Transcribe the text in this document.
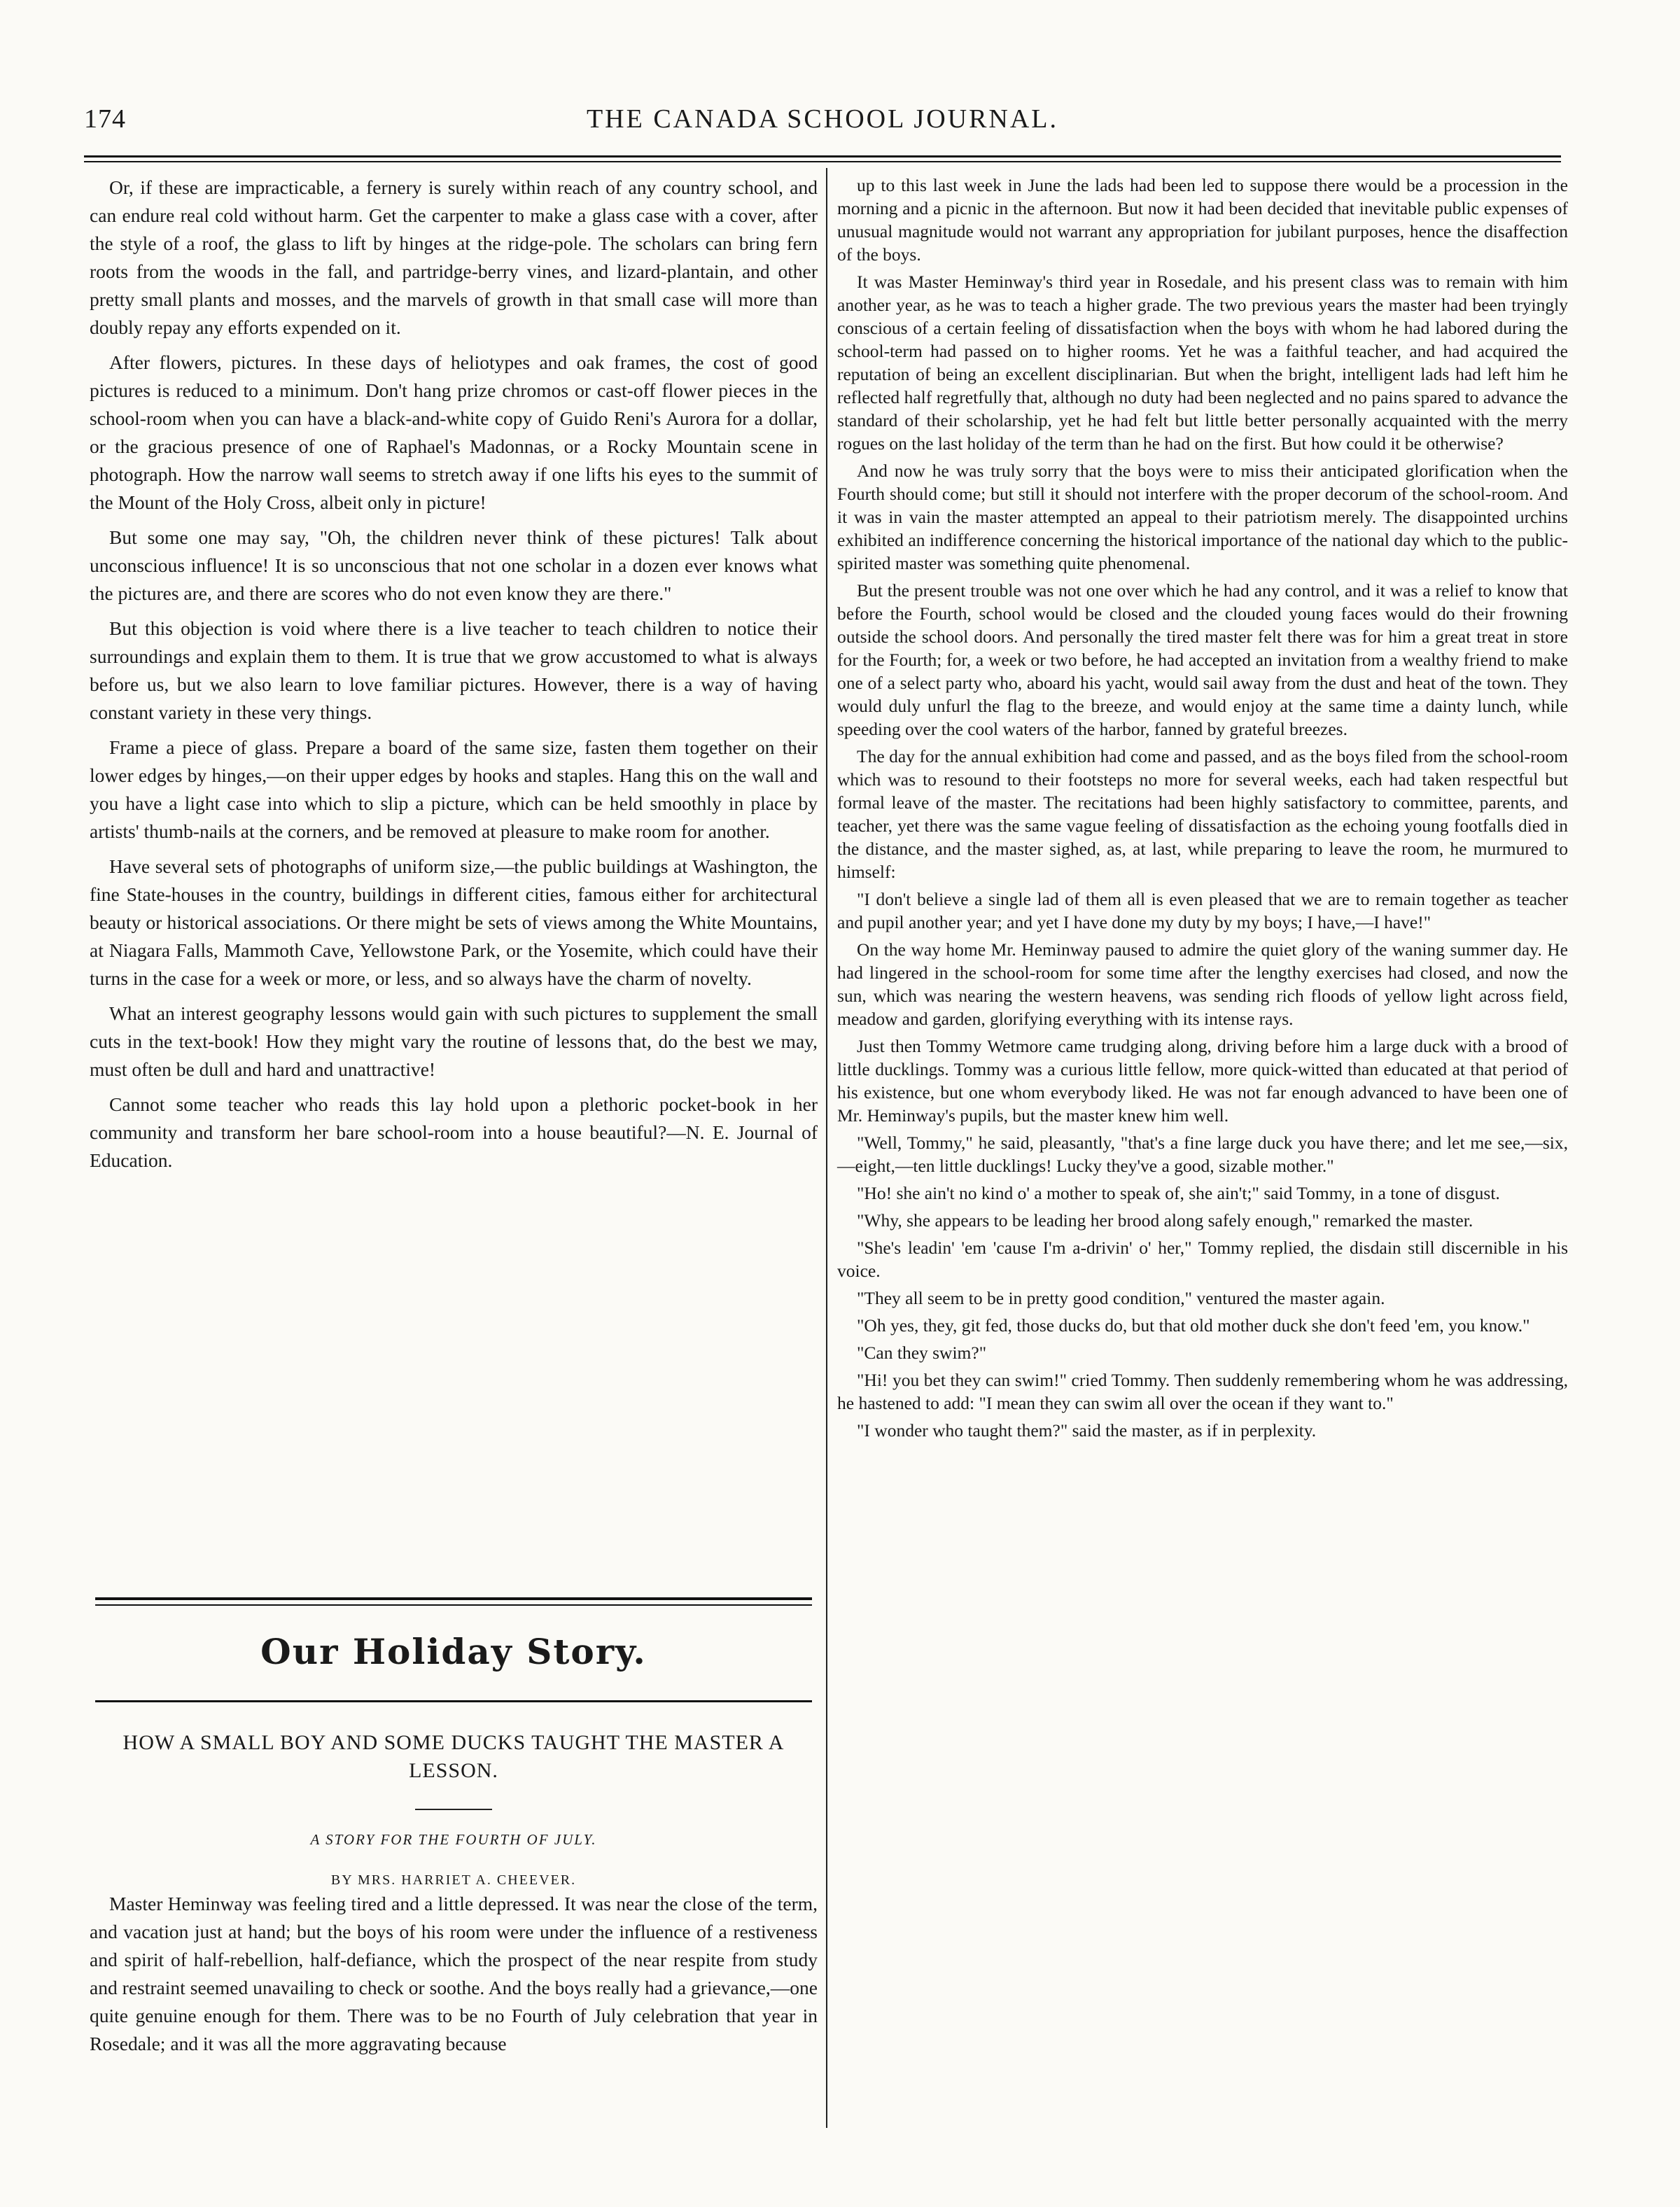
174	THE CANADA SCHOOL JOURNAL.

Or, if these are impracticable, a fernery is surely within reach of any country school, and can endure real cold without harm. Get the carpenter to make a glass case with a cover, after the style of a roof, the glass to lift by hinges at the ridge-pole. The scholars can bring fern roots from the woods in the fall, and partridge-berry vines, and lizard-plantain, and other pretty small plants and mosses, and the marvels of growth in that small case will more than doubly repay any efforts expended on it.

After flowers, pictures. In these days of heliotypes and oak frames, the cost of good pictures is reduced to a minimum. Don't hang prize chromos or cast-off flower pieces in the school-room when you can have a black-and-white copy of Guido Reni's Aurora for a dollar, or the gracious presence of one of Raphael's Madonnas, or a Rocky Mountain scene in photograph. How the narrow wall seems to stretch away if one lifts his eyes to the summit of the Mount of the Holy Cross, albeit only in picture!

But some one may say, "Oh, the children never think of these pictures! Talk about unconscious influence! It is so unconscious that not one scholar in a dozen ever knows what the pictures are, and there are scores who do not even know they are there."

But this objection is void where there is a live teacher to teach children to notice their surroundings and explain them to them. It is true that we grow accustomed to what is always before us, but we also learn to love familiar pictures. However, there is a way of having constant variety in these very things.

Frame a piece of glass. Prepare a board of the same size, fasten them together on their lower edges by hinges,—on their upper edges by hooks and staples. Hang this on the wall and you have a light case into which to slip a picture, which can be held smoothly in place by artists' thumb-nails at the corners, and be removed at pleasure to make room for another.

Have several sets of photographs of uniform size,—the public buildings at Washington, the fine State-houses in the country, buildings in different cities, famous either for architectural beauty or historical associations. Or there might be sets of views among the White Mountains, at Niagara Falls, Mammoth Cave, Yellowstone Park, or the Yosemite, which could have their turns in the case for a week or more, or less, and so always have the charm of novelty.

What an interest geography lessons would gain with such pictures to supplement the small cuts in the text-book! How they might vary the routine of lessons that, do the best we may, must often be dull and hard and unattractive!

Cannot some teacher who reads this lay hold upon a plethoric pocket-book in her community and transform her bare school-room into a house beautiful?—N. E. Journal of Education.

Our Holiday Story.
HOW A SMALL BOY AND SOME DUCKS TAUGHT THE MASTER A LESSON.
A STORY FOR THE FOURTH OF JULY.
BY MRS. HARRIET A. CHEEVER.

Master Heminway was feeling tired and a little depressed. It was near the close of the term, and vacation just at hand; but the boys of his room were under the influence of a restiveness and spirit of half-rebellion, half-defiance, which the prospect of the near respite from study and restraint seemed unavailing to check or soothe. And the boys really had a grievance,—one quite genuine enough for them. There was to be no Fourth of July celebration that year in Rosedale; and it was all the more aggravating because

up to this last week in June the lads had been led to suppose there would be a procession in the morning and a picnic in the afternoon. But now it had been decided that inevitable public expenses of unusual magnitude would not warrant any appropriation for jubilant purposes, hence the disaffection of the boys.

It was Master Heminway's third year in Rosedale, and his present class was to remain with him another year, as he was to teach a higher grade. The two previous years the master had been tryingly conscious of a certain feeling of dissatisfaction when the boys with whom he had labored during the school-term had passed on to higher rooms. Yet he was a faithful teacher, and had acquired the reputation of being an excellent disciplinarian. But when the bright, intelligent lads had left him he reflected half regretfully that, although no duty had been neglected and no pains spared to advance the standard of their scholarship, yet he had felt but little better personally acquainted with the merry rogues on the last holiday of the term than he had on the first. But how could it be otherwise?

And now he was truly sorry that the boys were to miss their anticipated glorification when the Fourth should come; but still it should not interfere with the proper decorum of the school-room. And it was in vain the master attempted an appeal to their patriotism merely. The disappointed urchins exhibited an indifference concerning the historical importance of the national day which to the public-spirited master was something quite phenomenal.

But the present trouble was not one over which he had any control, and it was a relief to know that before the Fourth, school would be closed and the clouded young faces would do their frowning outside the school doors. And personally the tired master felt there was for him a great treat in store for the Fourth; for, a week or two before, he had accepted an invitation from a wealthy friend to make one of a select party who, aboard his yacht, would sail away from the dust and heat of the town. They would duly unfurl the flag to the breeze, and would enjoy at the same time a dainty lunch, while speeding over the cool waters of the harbor, fanned by grateful breezes.

The day for the annual exhibition had come and passed, and as the boys filed from the school-room which was to resound to their footsteps no more for several weeks, each had taken respectful but formal leave of the master. The recitations had been highly satisfactory to committee, parents, and teacher, yet there was the same vague feeling of dissatisfaction as the echoing young footfalls died in the distance, and the master sighed, as, at last, while preparing to leave the room, he murmured to himself:

"I don't believe a single lad of them all is even pleased that we are to remain together as teacher and pupil another year; and yet I have done my duty by my boys; I have,—I have!"

On the way home Mr. Heminway paused to admire the quiet glory of the waning summer day. He had lingered in the school-room for some time after the lengthy exercises had closed, and now the sun, which was nearing the western heavens, was sending rich floods of yellow light across field, meadow and garden, glorifying everything with its intense rays.

Just then Tommy Wetmore came trudging along, driving before him a large duck with a brood of little ducklings. Tommy was a curious little fellow, more quick-witted than educated at that period of his existence, but one whom everybody liked. He was not far enough advanced to have been one of Mr. Heminway's pupils, but the master knew him well.

"Well, Tommy," he said, pleasantly, "that's a fine large duck you have there; and let me see,—six,—eight,—ten little ducklings! Lucky they've a good, sizable mother."

"Ho! she ain't no kind o' a mother to speak of, she ain't;" said Tommy, in a tone of disgust.

"Why, she appears to be leading her brood along safely enough," remarked the master.

"She's leadin' 'em 'cause I'm a-drivin' o' her," Tommy replied, the disdain still discernible in his voice.

"They all seem to be in pretty good condition," ventured the master again.

"Oh yes, they, git fed, those ducks do, but that old mother duck she don't feed 'em, you know."

"Can they swim?"

"Hi! you bet they can swim!" cried Tommy. Then suddenly remembering whom he was addressing, he hastened to add: "I mean they can swim all over the ocean if they want to."

"I wonder who taught them?" said the master, as if in perplexity.
